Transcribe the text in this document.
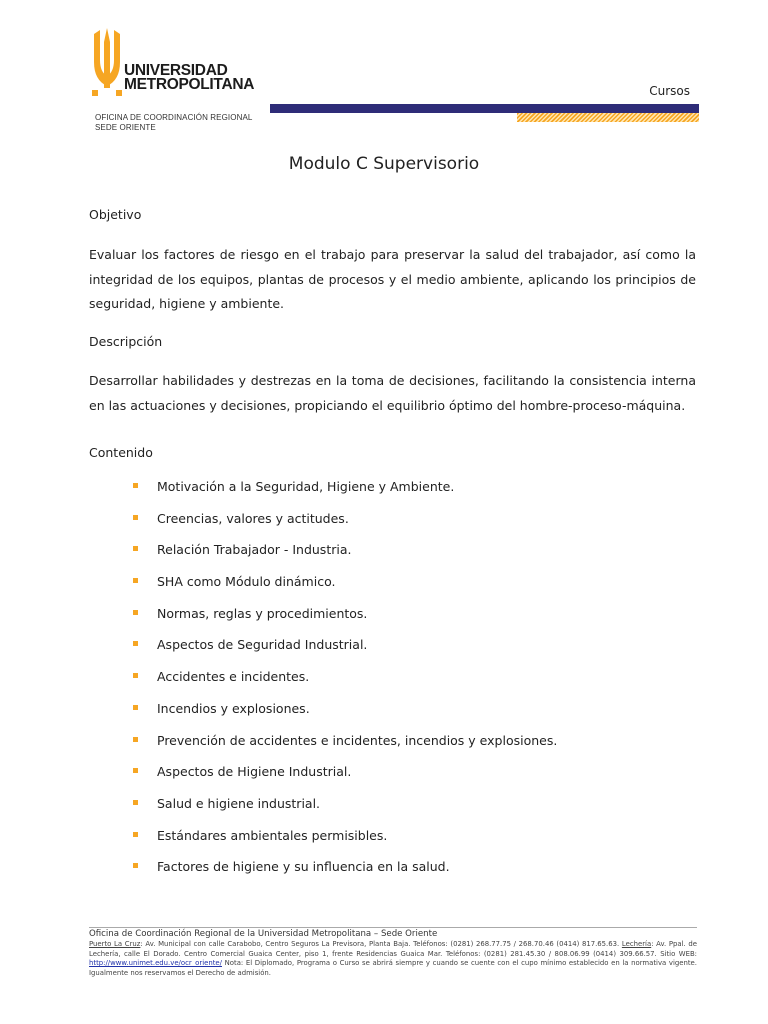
UNIVERSIDAD
METROPOLITANA

OFICINA DE COORDINACIÓN REGIONAL
SEDE ORIENTE
Cursos
Modulo C Supervisorio
Objetivo

Evaluar los factores de riesgo en el trabajo para preservar la salud del trabajador, así como la integridad de los equipos, plantas de procesos y el medio ambiente, aplicando los principios de seguridad, higiene y ambiente.

Descripción

Desarrollar habilidades y destrezas en la toma de decisiones, facilitando la consistencia interna en las actuaciones y decisiones, propiciando el equilibrio óptimo del hombre-proceso-máquina.

Contenido
Motivación a la Seguridad, Higiene y Ambiente.
Creencias, valores y actitudes.
Relación Trabajador - Industria.
SHA como Módulo dinámico.
Normas, reglas y procedimientos.
Aspectos de Seguridad Industrial.
Accidentes e incidentes.
Incendios y explosiones.
Prevención de accidentes e incidentes, incendios y explosiones.
Aspectos de Higiene Industrial.
Salud e higiene industrial.
Estándares ambientales permisibles.
Factores de higiene y su influencia en la salud.
Oficina de Coordinación Regional de la Universidad Metropolitana – Sede Oriente

Puerto La Cruz: Av. Municipal con calle Carabobo, Centro Seguros La Previsora, Planta Baja. Teléfonos: (0281) 268.77.75 / 268.70.46 (0414) 817.65.63. Lechería: Av. Ppal. de Lechería, calle El Dorado. Centro Comercial Guaica Center, piso 1, frente Residencias Guaica Mar. Teléfonos: (0281) 281.45.30 / 808.06.99 (0414) 309.66.57. Sitio WEB: http://www.unimet.edu.ve/ocr_oriente/ Nota: El Diplomado, Programa o Curso se abrirá siempre y cuando se cuente con el cupo mínimo establecido en la normativa vigente. Igualmente nos reservamos el Derecho de admisión.
